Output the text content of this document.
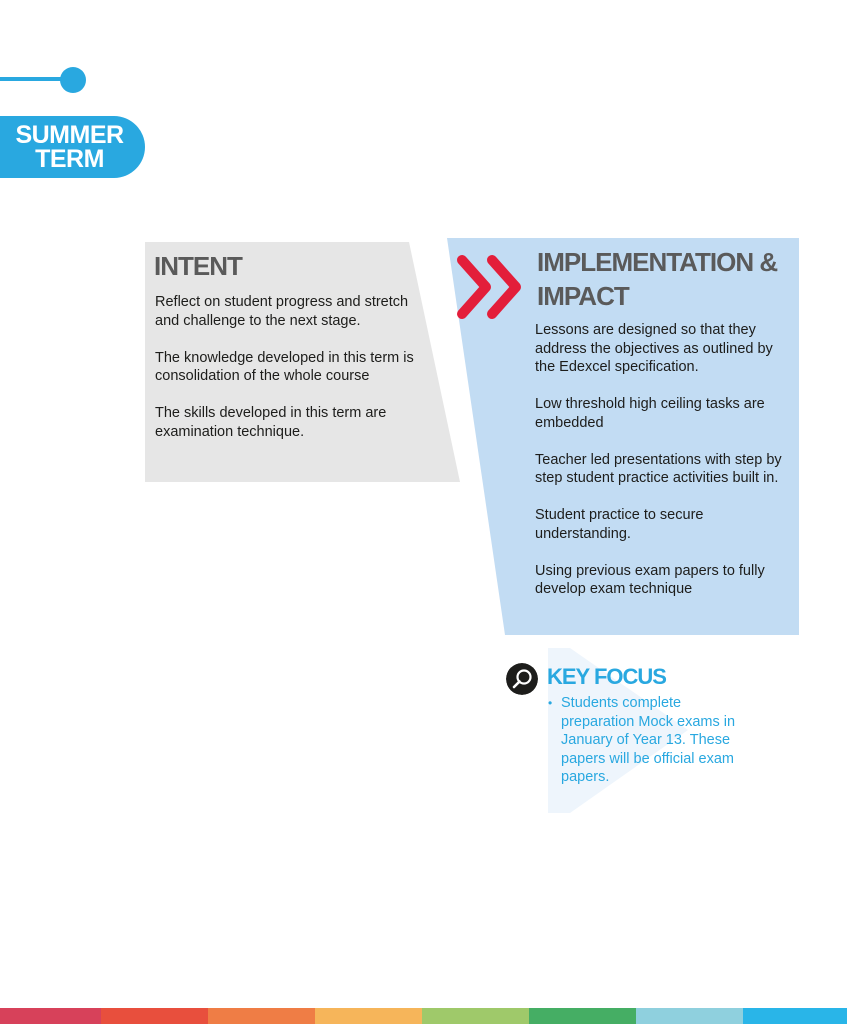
SUMMER
TERM
INTENT

Reflect on student progress and stretch and challenge to the next stage.

The knowledge developed in this term is consolidation of the whole course

The skills developed in this term are examination technique.

IMPLEMENTATION &
IMPACT

Lessons are designed so that they address the objectives as outlined by the Edexcel specification.

Low threshold high ceiling tasks are embedded

Teacher led presentations with step by step student practice activities built in.

Student practice to secure understanding.

Using previous exam papers to fully develop exam technique

KEY FOCUS
• Students complete preparation Mock exams in January of Year 13. These papers will be official exam papers.
